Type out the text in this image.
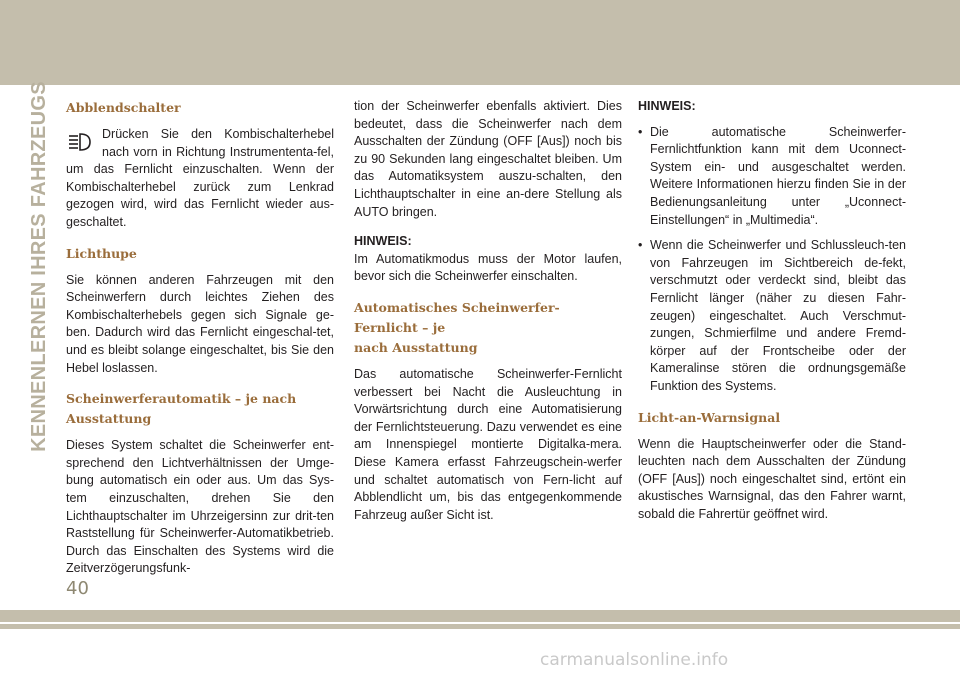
KENNENLERNEN IHRES FAHRZEUGS Abblendschalter

Drücken Sie den Kombischalterhebel nach vorn in Richtung Instrumententa-fel, um das Fernlicht einzuschalten. Wenn der Kombischalterhebel zurück zum Lenkrad gezogen wird, wird das Fernlicht wieder aus-geschaltet.

Lichthupe

Sie können anderen Fahrzeugen mit den Scheinwerfern durch leichtes Ziehen des Kombischalterhebels gegen sich Signale ge-ben. Dadurch wird das Fernlicht eingeschal-tet, und es bleibt solange eingeschaltet, bis Sie den Hebel loslassen.

Scheinwerferautomatik – je nach
Ausstattung

Dieses System schaltet die Scheinwerfer ent-sprechend den Lichtverhältnissen der Umge-bung automatisch ein oder aus. Um das Sys-tem einzuschalten, drehen Sie den Lichthauptschalter im Uhrzeigersinn zur drit-ten Raststellung für Scheinwerfer-Automatikbetrieb. Durch das Einschalten des Systems wird die Zeitverzögerungsfunk-

tion der Scheinwerfer ebenfalls aktiviert. Dies bedeutet, dass die Scheinwerfer nach dem Ausschalten der Zündung (OFF [Aus]) noch bis zu 90 Sekunden lang eingeschaltet bleiben. Um das Automatiksystem auszu-schalten, den Lichthauptschalter in eine an-dere Stellung als AUTO bringen.

HINWEIS:

Im Automatikmodus muss der Motor laufen, bevor sich die Scheinwerfer einschalten.

Automatisches Scheinwerfer-Fernlicht – je
nach Ausstattung

Das automatische Scheinwerfer-Fernlicht verbessert bei Nacht die Ausleuchtung in Vorwärtsrichtung durch eine Automatisierung der Fernlichtsteuerung. Dazu verwendet es eine am Innenspiegel montierte Digitalka-mera. Diese Kamera erfasst Fahrzeugschein-werfer und schaltet automatisch von Fern-licht auf Abblendlicht um, bis das entgegenkommende Fahrzeug außer Sicht ist.

HINWEIS:

• Die automatische Scheinwerfer-Fernlichtfunktion kann mit dem Uconnect-System ein- und ausgeschaltet werden. Weitere Informationen hierzu finden Sie in der Bedienungsanleitung unter „Uconnect-Einstellungen“ in „Multimedia“.
• Wenn die Scheinwerfer und Schlussleuch-ten von Fahrzeugen im Sichtbereich de-fekt, verschmutzt oder verdeckt sind, bleibt das Fernlicht länger (näher zu diesen Fahr-zeugen) eingeschaltet. Auch Verschmut-zungen, Schmierfilme und andere Fremd-körper auf der Frontscheibe oder der Kameralinse stören die ordnungsgemäße Funktion des Systems.
Licht-an-Warnsignal

Wenn die Hauptscheinwerfer oder die Stand-leuchten nach dem Ausschalten der Zündung (OFF [Aus]) noch eingeschaltet sind, ertönt ein akustisches Warnsignal, das den Fahrer warnt, sobald die Fahrertür geöffnet wird.

40
carmanualsonline.info
